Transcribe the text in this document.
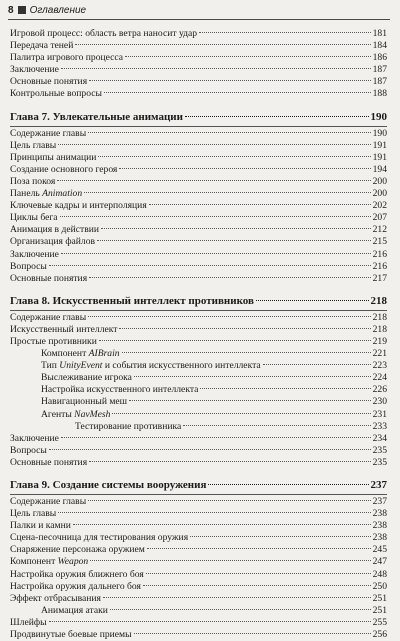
8 Оглавление
Игровой процесс: область ветра наносит удар	181
Передача теней	184
Палитра игрового процесса	186
Заключение	187
Основные понятия	187
Контрольные вопросы	188
Глава 7. Увлекательные анимации	190
Содержание главы	190
Цель главы	191
Принципы анимации	191
Создание основного героя	194
Поза покоя	200
Панель Animation	200
Ключевые кадры и интерполяция	202
Циклы бега	207
Анимация в действии	212
Организация файлов	215
Заключение	216
Вопросы	216
Основные понятия	217
Глава 8. Искусственный интеллект противников	218
Содержание главы	218
Искусственный интеллект	218
Простые противники	219
Компонент AIBrain	221
Тип UnityEvent и события искусственного интеллекта	223
Выслеживание игрока	224
Настройка искусственного интеллекта	226
Навигационный меш	230
Агенты NavMesh	231
Тестирование противника	233
Заключение	234
Вопросы	235
Основные понятия	235
Глава 9. Создание системы вооружения	237
Содержание главы	237
Цель главы	238
Палки и камни	238
Сцена-песочница для тестирования оружия	238
Снаряжение персонажа оружием	245
Компонент Weapon	247
Настройка оружия ближнего боя	248
Настройка оружия дальнего боя	250
Эффект отбрасывания	251
Анимация атаки	251
Шлейфы	255
Продвинутые боевые приемы	256
